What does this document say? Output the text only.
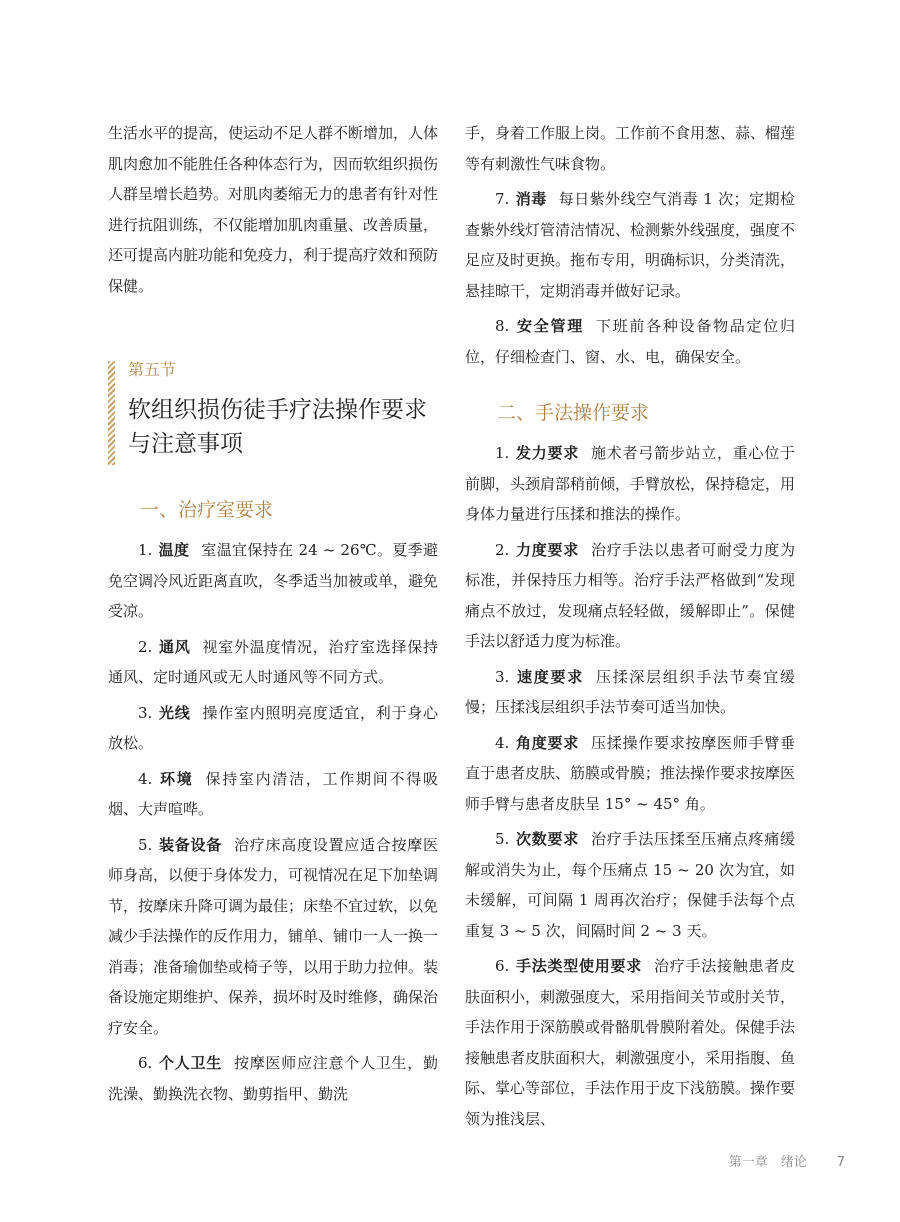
生活水平的提高，使运动不足人群不断增加，人体肌肉愈加不能胜任各种体态行为，因而软组织损伤人群呈增长趋势。对肌肉萎缩无力的患者有针对性进行抗阻训练，不仅能增加肌肉重量、改善质量，还可提高内脏功能和免疫力，利于提高疗效和预防保健。

第五节
软组织损伤徒手疗法操作要求与注意事项
一、治疗室要求

1. 温度 室温宜保持在 24 ~ 26℃。夏季避免空调冷风近距离直吹，冬季适当加被或单，避免受凉。

2. 通风 视室外温度情况，治疗室选择保持通风、定时通风或无人时通风等不同方式。

3. 光线 操作室内照明亮度适宜，利于身心放松。

4. 环境 保持室内清洁，工作期间不得吸烟、大声喧哗。

5. 装备设备 治疗床高度设置应适合按摩医师身高，以便于身体发力，可视情况在足下加垫调节，按摩床升降可调为最佳；床垫不宜过软，以免减少手法操作的反作用力，铺单、铺巾一人一换一消毒；准备瑜伽垫或椅子等，以用于助力拉伸。装备设施定期维护、保养，损坏时及时维修，确保治疗安全。

6. 个人卫生 按摩医师应注意个人卫生，勤洗澡、勤换洗衣物、勤剪指甲、勤洗

手，身着工作服上岗。工作前不食用葱、蒜、榴莲等有刺激性气味食物。

7. 消毒 每日紫外线空气消毒 1 次；定期检查紫外线灯管清洁情况、检测紫外线强度，强度不足应及时更换。拖布专用，明确标识，分类清洗，悬挂晾干，定期消毒并做好记录。

8. 安全管理 下班前各种设备物品定位归位，仔细检查门、窗、水、电，确保安全。

二、手法操作要求

1. 发力要求 施术者弓箭步站立，重心位于前脚，头颈肩部稍前倾，手臂放松，保持稳定，用身体力量进行压揉和推法的操作。

2. 力度要求 治疗手法以患者可耐受力度为标准，并保持压力相等。治疗手法严格做到“发现痛点不放过，发现痛点轻轻做，缓解即止”。保健手法以舒适力度为标准。

3. 速度要求 压揉深层组织手法节奏宜缓慢；压揉浅层组织手法节奏可适当加快。

4. 角度要求 压揉操作要求按摩医师手臂垂直于患者皮肤、筋膜或骨膜；推法操作要求按摩医师手臂与患者皮肤呈 15° ~ 45° 角。

5. 次数要求 治疗手法压揉至压痛点疼痛缓解或消失为止，每个压痛点 15 ~ 20 次为宜，如未缓解，可间隔 1 周再次治疗；保健手法每个点重复 3 ~ 5 次，间隔时间 2 ~ 3 天。

6. 手法类型使用要求 治疗手法接触患者皮肤面积小，刺激强度大，采用指间关节或肘关节，手法作用于深筋膜或骨骼肌骨膜附着处。保健手法接触患者皮肤面积大，刺激强度小，采用指腹、鱼际、掌心等部位，手法作用于皮下浅筋膜。操作要领为推浅层、

第一章　绪论 7
